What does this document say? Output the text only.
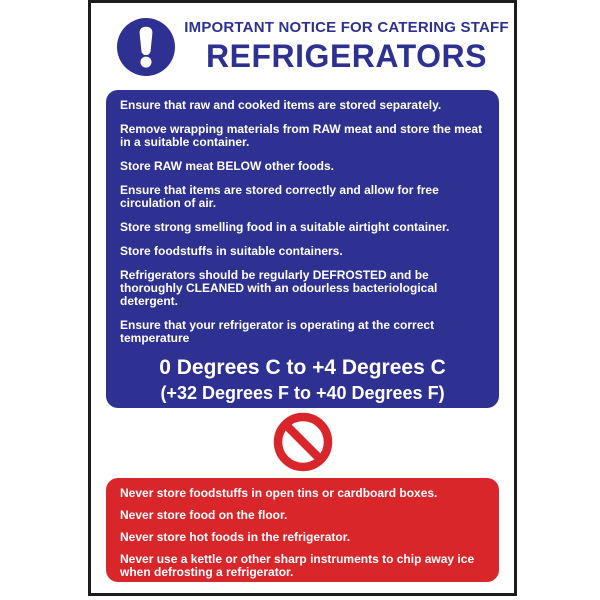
IMPORTANT NOTICE FOR CATERING STAFF
REFRIGERATORS

Ensure that raw and cooked items are stored separately.

Remove wrapping materials from RAW meat and store the meat in a suitable container.

Store RAW meat BELOW other foods.

Ensure that items are stored correctly and allow for free circulation of air.

Store strong smelling food in a suitable airtight container.

Store foodstuffs in suitable containers.

Refrigerators should be regularly DEFROSTED and be thoroughly CLEANED with an odourless bacteriological detergent.

Ensure that your refrigerator is operating at the correct temperature

0 Degrees C to +4 Degrees C

(+32 Degrees F to +40 Degrees F)

Check that doors have good seals, are close fitting and not left open unnecessarily.

Never store foodstuffs in open tins or cardboard boxes.

Never store food on the floor.

Never store hot foods in the refrigerator.

Never use a kettle or other sharp instruments to chip away ice when defrosting a refrigerator.
